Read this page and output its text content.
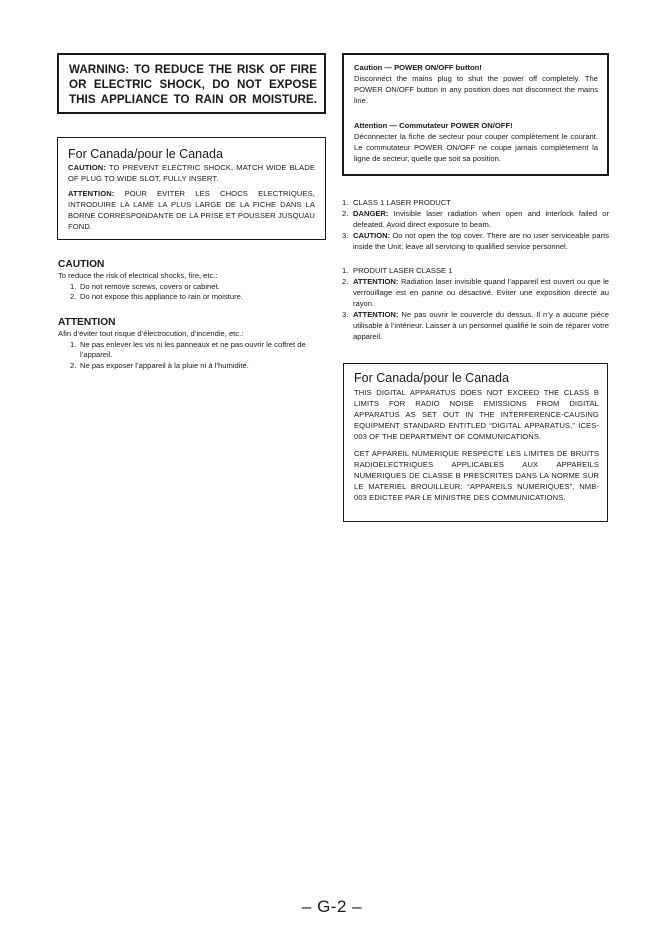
WARNING: TO REDUCE THE RISK OF FIRE
OR ELECTRIC SHOCK, DO NOT EXPOSE
THIS APPLIANCE TO RAIN OR MOISTURE.
For Canada/pour le Canada
CAUTION: TO PREVENT ELECTRIC SHOCK, MATCH WIDE BLADE OF PLUG TO WIDE SLOT, FULLY INSERT.
ATTENTION: POUR EVITER LES CHOCS ELECTRIQUES, INTRODUIRE LA LAME LA PLUS LARGE DE LA FICHE DANS LA BORNE CORRESPONDANTE DE LA PRISE ET POUSSER JUSQUAU FOND.
CAUTION
To reduce the risk of electrical shocks, fire, etc.:
1. Do not remove screws, covers or cabinet.
2. Do not expose this appliance to rain or moisture.
ATTENTION
Afin d’éviter tout risque d’électrocution, d’incendie, etc.:
1. Ne pas enlever les vis ni les panneaux et ne pas ouvrir le coffret de l’appareil.
2. Ne pas exposer l’appareil à la pluie ni à l’humidité.
Caution — POWER ON/OFF button!
Disconnect the mains plug to shut the power off completely. The POWER ON/OFF button in any position does not disconnect the mains line.
Attention — Commutateur POWER ON/OFF!
Déconnecter la fiche de secteur pour couper complètement le courant. Le commutateur POWER ON/OFF ne coupe jamais complètement la ligne de secteur, quelle que soit sa position.
1. CLASS 1 LASER PRODUCT
2. DANGER: Invisible laser radiation when open and interlock failed or defeated. Avoid direct exposure to beam.
3. CAUTION: Do not open the top cover. There are no user serviceable parts inside the Unit; leave all servicing to qualified service personnel.
1. PRODUIT LASER CLASSE 1
2. ATTENTION: Radiation laser invisible quand l’appareil est ouvert ou que le verrouillage est en panne ou désactivé. Eviter une exposition directe au rayon.
3. ATTENTION: Ne pas ouvrir le couvercle du dessus. Il n’y a aucune pièce utilisable à l’intérieur. Laisser à un personnel qualifié le soin de réparer votre appareil.
For Canada/pour le Canada
THIS DIGITAL APPARATUS DOES NOT EXCEED THE CLASS B LIMITS FOR RADIO NOISE EMISSIONS FROM DIGITAL APPARATUS AS SET OUT IN THE INTERFERENCE-CAUSING EQUIPMENT STANDARD ENTITLED “DIGITAL APPARATUS,” ICES-003 OF THE DEPARTMENT OF COMMUNICATIONS.
CET APPAREIL NUMERIQUE RESPECTE LES LIMITES DE BRUITS RADIOELECTRIQUES APPLICABLES AUX APPAREILS NUMERIQUES DE CLASSE B PRESCRITES DANS LA NORME SUR LE MATERIEL BROUILLEUR: “APPAREILS NUMERIQUES”, NMB-003 EDICTEE PAR LE MINISTRE DES COMMUNICATIONS.
– G-2 –
